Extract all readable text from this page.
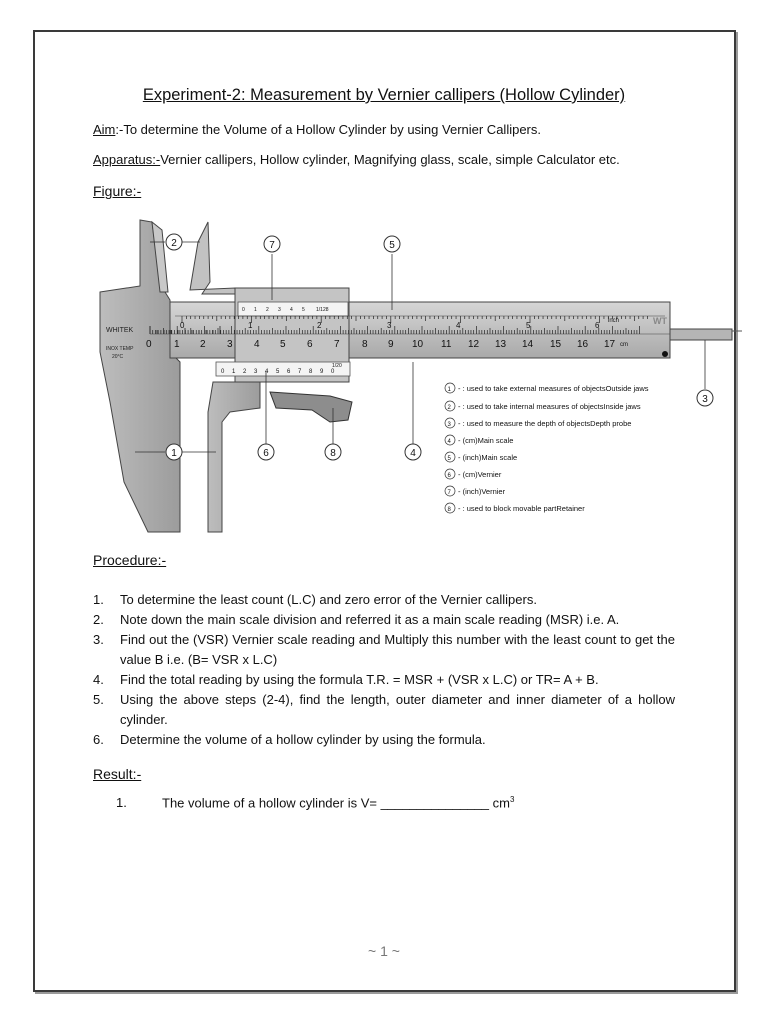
Experiment-2: Measurement by Vernier callipers (Hollow Cylinder)
Aim:-To determine the Volume of a Hollow Cylinder by using Vernier Callipers.
Apparatus:-Vernier callipers, Hollow cylinder, Magnifying glass, scale, simple Calculator etc.
Figure:-
0 1 2 3 4 5 6 7 8 9 10 11 12 13 14 15 16 17 cm
0	1	2	3	4	5	6 inch
0 1 2 3 4 5 6 7 8 9 0
1/20
0 1 2 3 4 5 1/128
WHITEK
INOX TEMP
20°C
WT
2	7	5
1	6	8	4
3
1 - : used to take external measures of objectsOutside jaws
2 - : used to take internal measures of objectsInside jaws
3 - : used to measure the depth of objectsDepth probe
4 - (cm)Main scale
5 - (inch)Main scale
6 - (cm)Vernier
7 - (inch)Vernier
8 - : used to block movable partRetainer
Procedure:-
1. To determine the least count (L.C) and zero error of the Vernier callipers.
2. Note down the main scale division and referred it as a main scale reading (MSR) i.e. A.
3. Find out the (VSR) Vernier scale reading and Multiply this number with the least count to get the value B i.e. (B= VSR x L.C)
4. Find the total reading by using the formula T.R. = MSR + (VSR x L.C) or TR= A + B.
5. Using the above steps (2-4), find the length, outer diameter and inner diameter of a hollow cylinder.
6. Determine the volume of a hollow cylinder by using the formula.
Result:-
1.	The volume of a hollow cylinder is V= _______________ $cm^3$
~ 1 ~
